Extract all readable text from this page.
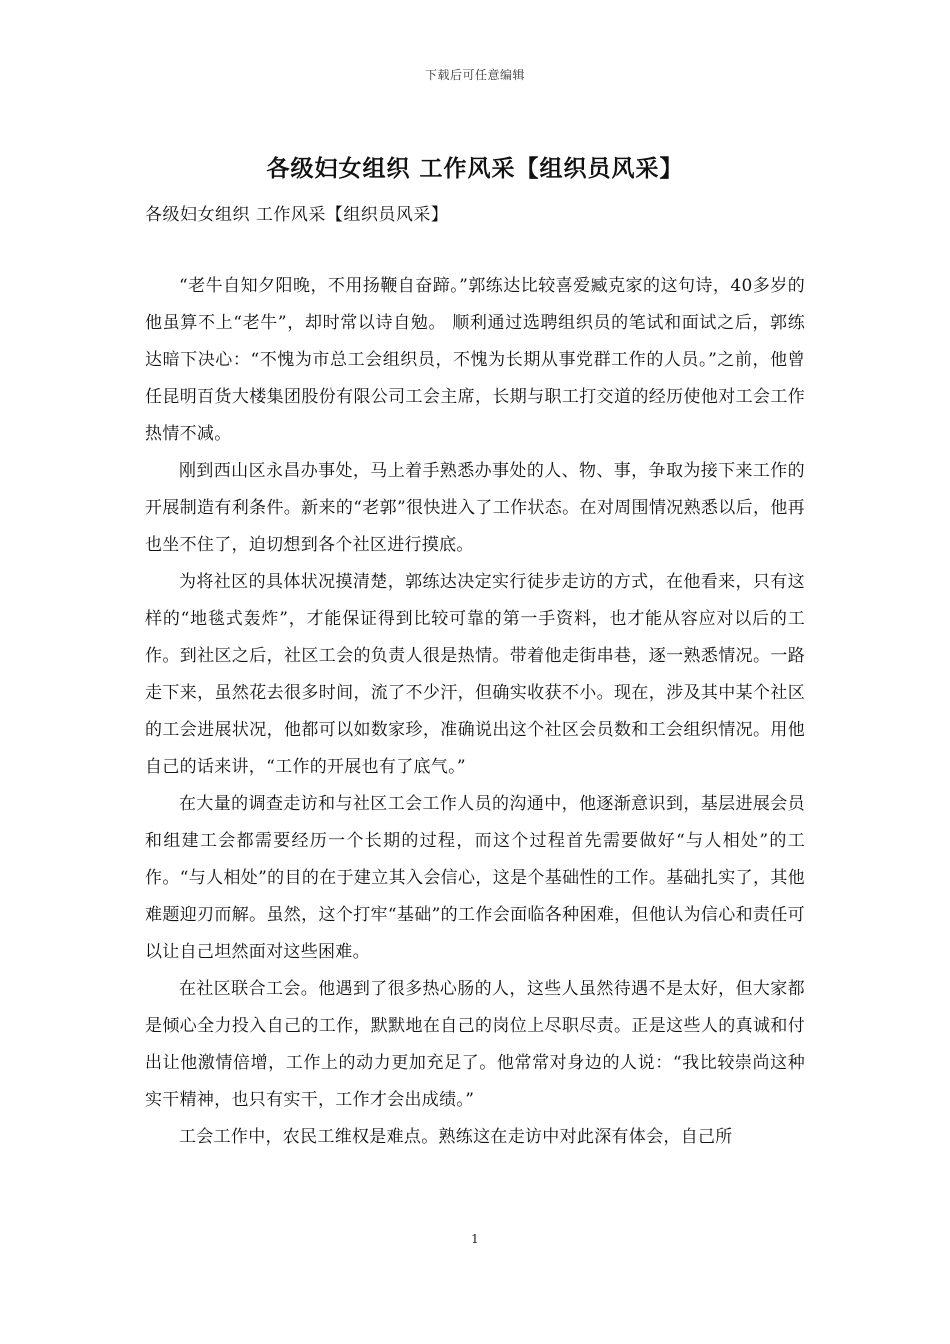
下载后可任意编辑
各级妇女组织 工作风采【组织员风采】

各级妇女组织 工作风采【组织员风采】

“老牛自知夕阳晚，不用扬鞭自奋蹄。”郭练达比较喜爱臧克家的这句诗，40多岁的他虽算不上“老牛”，却时常以诗自勉。 顺利通过选聘组织员的笔试和面试之后，郭练达暗下决心：“不愧为市总工会组织员，不愧为长期从事党群工作的人员。”之前，他曾任昆明百货大楼集团股份有限公司工会主席，长期与职工打交道的经历使他对工会工作热情不减。

刚到西山区永昌办事处，马上着手熟悉办事处的人、物、事，争取为接下来工作的开展制造有利条件。新来的“老郭”很快进入了工作状态。在对周围情况熟悉以后，他再也坐不住了，迫切想到各个社区进行摸底。

为将社区的具体状况摸清楚，郭练达决定实行徒步走访的方式，在他看来，只有这样的“地毯式轰炸”，才能保证得到比较可靠的第一手资料，也才能从容应对以后的工作。到社区之后，社区工会的负责人很是热情。带着他走街串巷，逐一熟悉情况。一路走下来，虽然花去很多时间，流了不少汗，但确实收获不小。现在，涉及其中某个社区的工会进展状况，他都可以如数家珍，准确说出这个社区会员数和工会组织情况。用他自己的话来讲，“工作的开展也有了底气。”

在大量的调查走访和与社区工会工作人员的沟通中，他逐渐意识到，基层进展会员和组建工会都需要经历一个长期的过程，而这个过程首先需要做好“与人相处”的工作。“与人相处”的目的在于建立其入会信心，这是个基础性的工作。基础扎实了，其他难题迎刃而解。虽然，这个打牢“基础”的工作会面临各种困难，但他认为信心和责任可以让自己坦然面对这些困难。

在社区联合工会。他遇到了很多热心肠的人，这些人虽然待遇不是太好，但大家都是倾心全力投入自己的工作，默默地在自己的岗位上尽职尽责。正是这些人的真诚和付出让他激情倍增，工作上的动力更加充足了。他常常对身边的人说：“我比较崇尚这种实干精神，也只有实干，工作才会出成绩。”

工会工作中，农民工维权是难点。熟练这在走访中对此深有体会，自己所

1
